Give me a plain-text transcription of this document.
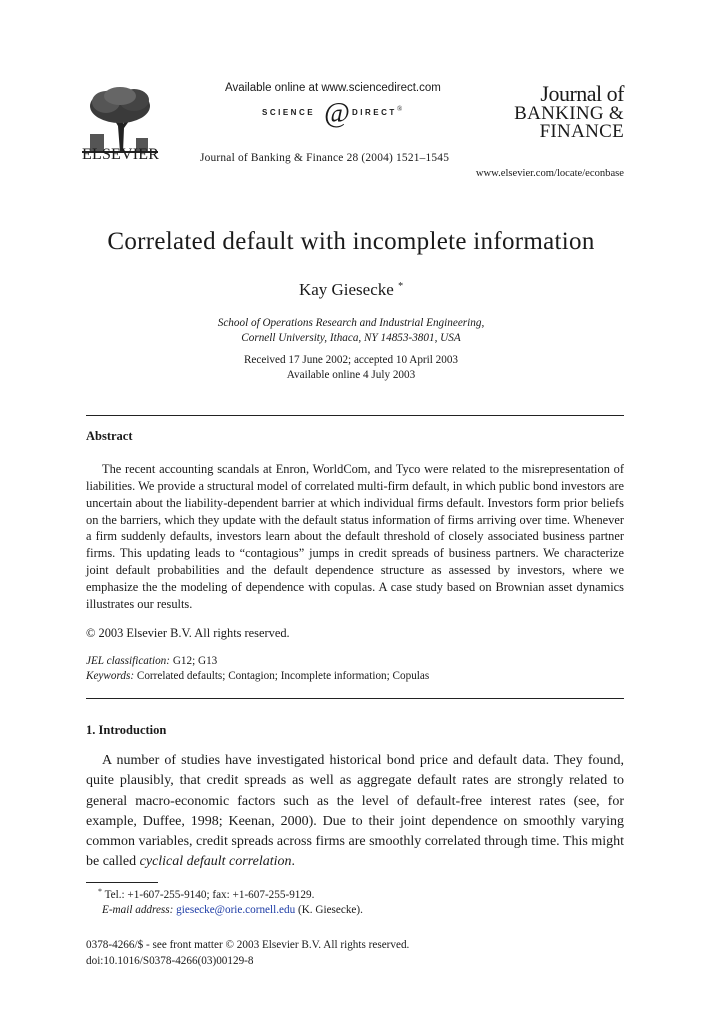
ELSEVIER
Available online at www.sciencedirect.com
SCIENCE @ DIRECT ®
Journal of Banking & Finance 28 (2004) 1521–1545
www.elsevier.com/locate/econbase
Journal of
BANKING &
FINANCE
Correlated default with incomplete information
Kay Giesecke *
School of Operations Research and Industrial Engineering,
Cornell University, Ithaca, NY 14853-3801, USA
Received 17 June 2002; accepted 10 April 2003
Available online 4 July 2003
Abstract
The recent accounting scandals at Enron, WorldCom, and Tyco were related to the misrepresentation of liabilities. We provide a structural model of correlated multi-firm default, in which public bond investors are uncertain about the liability-dependent barrier at which individual firms default. Investors form prior beliefs on the barriers, which they update with the default status information of firms arriving over time. Whenever a firm suddenly defaults, investors learn about the default threshold of closely associated business partner firms. This updating leads to “contagious” jumps in credit spreads of business partners. We characterize joint default probabilities and the default dependence structure as assessed by investors, where we emphasize the the modeling of dependence with copulas. A case study based on Brownian asset dynamics illustrates our results.
© 2003 Elsevier B.V. All rights reserved.
JEL classification: G12; G13
Keywords: Correlated defaults; Contagion; Incomplete information; Copulas
1. Introduction
A number of studies have investigated historical bond price and default data. They found, quite plausibly, that credit spreads as well as aggregate default rates are strongly related to general macro-economic factors such as the level of default-free interest rates (see, for example, Duffee, 1998; Keenan, 2000). Due to their joint dependence on smoothly varying common variables, credit spreads across firms are smoothly correlated through time. This might be called cyclical default correlation.
* Tel.: +1-607-255-9140; fax: +1-607-255-9129.
E-mail address: giesecke@orie.cornell.edu (K. Giesecke).
0378-4266/$ - see front matter © 2003 Elsevier B.V. All rights reserved.
doi:10.1016/S0378-4266(03)00129-8
